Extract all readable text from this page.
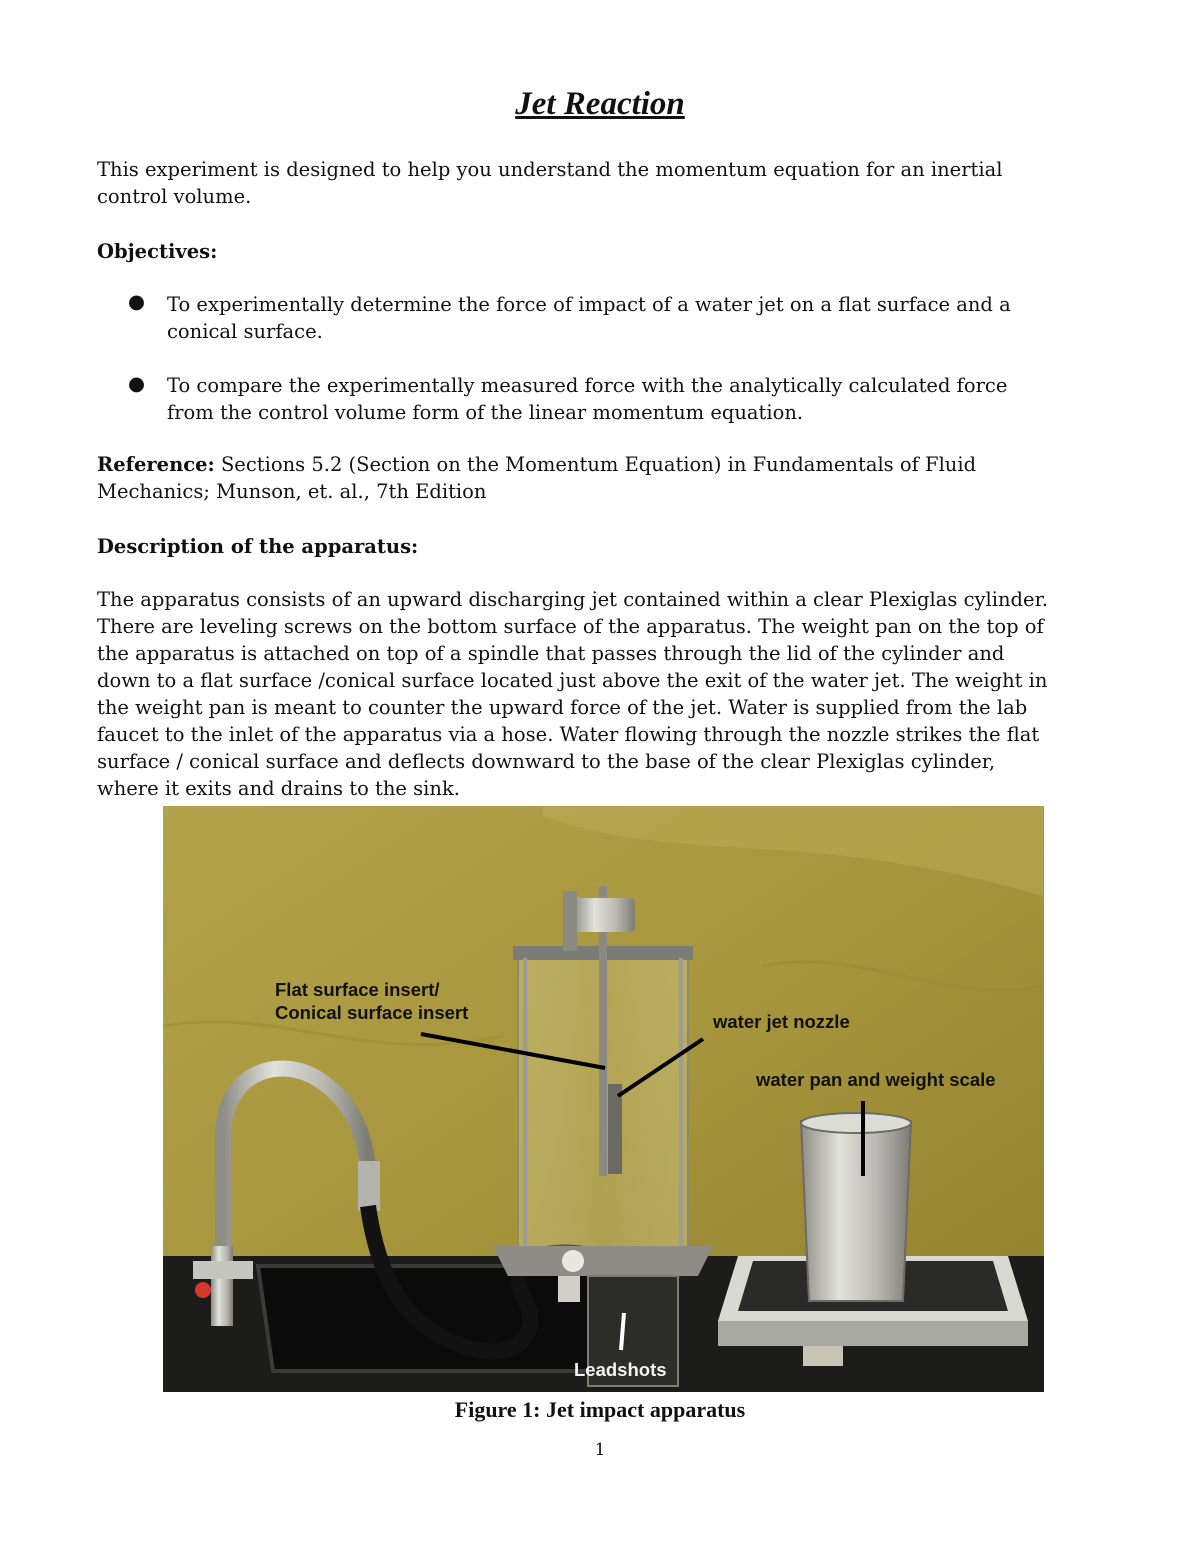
Jet Reaction

This experiment is designed to help you understand the momentum equation for an inertial control volume.

Objectives:

● To experimentally determine the force of impact of a water jet on a flat surface and a conical surface.

● To compare the experimentally measured force with the analytically calculated force from the control volume form of the linear momentum equation.

Reference: Sections 5.2 (Section on the Momentum Equation) in Fundamentals of Fluid Mechanics; Munson, et. al., 7th Edition

Description of the apparatus:

The apparatus consists of an upward discharging jet contained within a clear Plexiglas cylinder. There are leveling screws on the bottom surface of the apparatus. The weight pan on the top of the apparatus is attached on top of a spindle that passes through the lid of the cylinder and down to a flat surface /conical surface located just above the exit of the water jet. The weight in the weight pan is meant to counter the upward force of the jet. Water is supplied from the lab faucet to the inlet of the apparatus via a hose. Water flowing through the nozzle strikes the flat surface / conical surface and deflects downward to the base of the clear Plexiglas cylinder, where it exits and drains to the sink.

Flat surface insert/
Conical surface insert	water jet nozzle
water pan and weight scale
Leadshots
Figure 1: Jet impact apparatus
1
